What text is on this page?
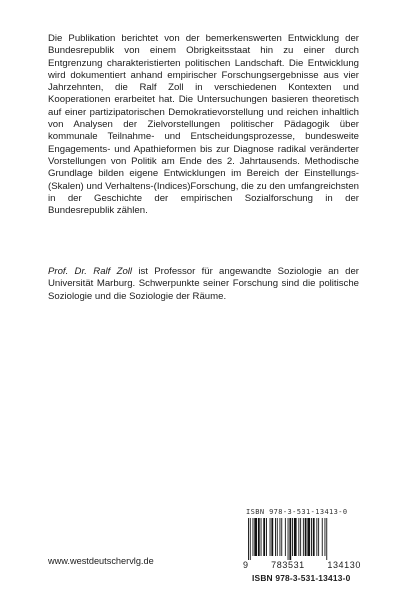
Die Publikation berichtet von der bemerkenswerten Entwicklung der Bundesrepublik von einem Obrigkeitsstaat hin zu einer durch Entgrenzung charakteristierten politischen Landschaft. Die Entwicklung wird dokumentiert anhand empirischer Forschungsergebnisse aus vier Jahrzehnten, die Ralf Zoll in verschiedenen Kontexten und Kooperationen erarbeitet hat. Die Untersuchungen basieren theoretisch auf einer partizipatorischen Demokratievorstellung und reichen inhaltlich von Analysen der Zielvorstellungen politischer Pädagogik über kommunale Teilnahme- und Entscheidungsprozesse, bundesweite Engagements- und Apathieformen bis zur Diagnose radikal veränderter Vorstellungen von Politik am Ende des 2. Jahrtausends. Methodische Grundlage bilden eigene Entwicklungen im Bereich der Einstellungs-(Skalen) und Verhaltens-(Indices)Forschung, die zu den umfangreichsten in der Geschichte der empirischen Sozialforschung in der Bundesrepublik zählen.

Prof. Dr. Ralf Zoll ist Professor für angewandte Soziologie an der Universität Marburg. Schwerpunkte seiner Forschung sind die politische Soziologie und die Soziologie der Räume.

ISBN 978-3-531-13413-0
9	783531	134130
ISBN 978-3-531-13413-0
www.westdeutschervlg.de
